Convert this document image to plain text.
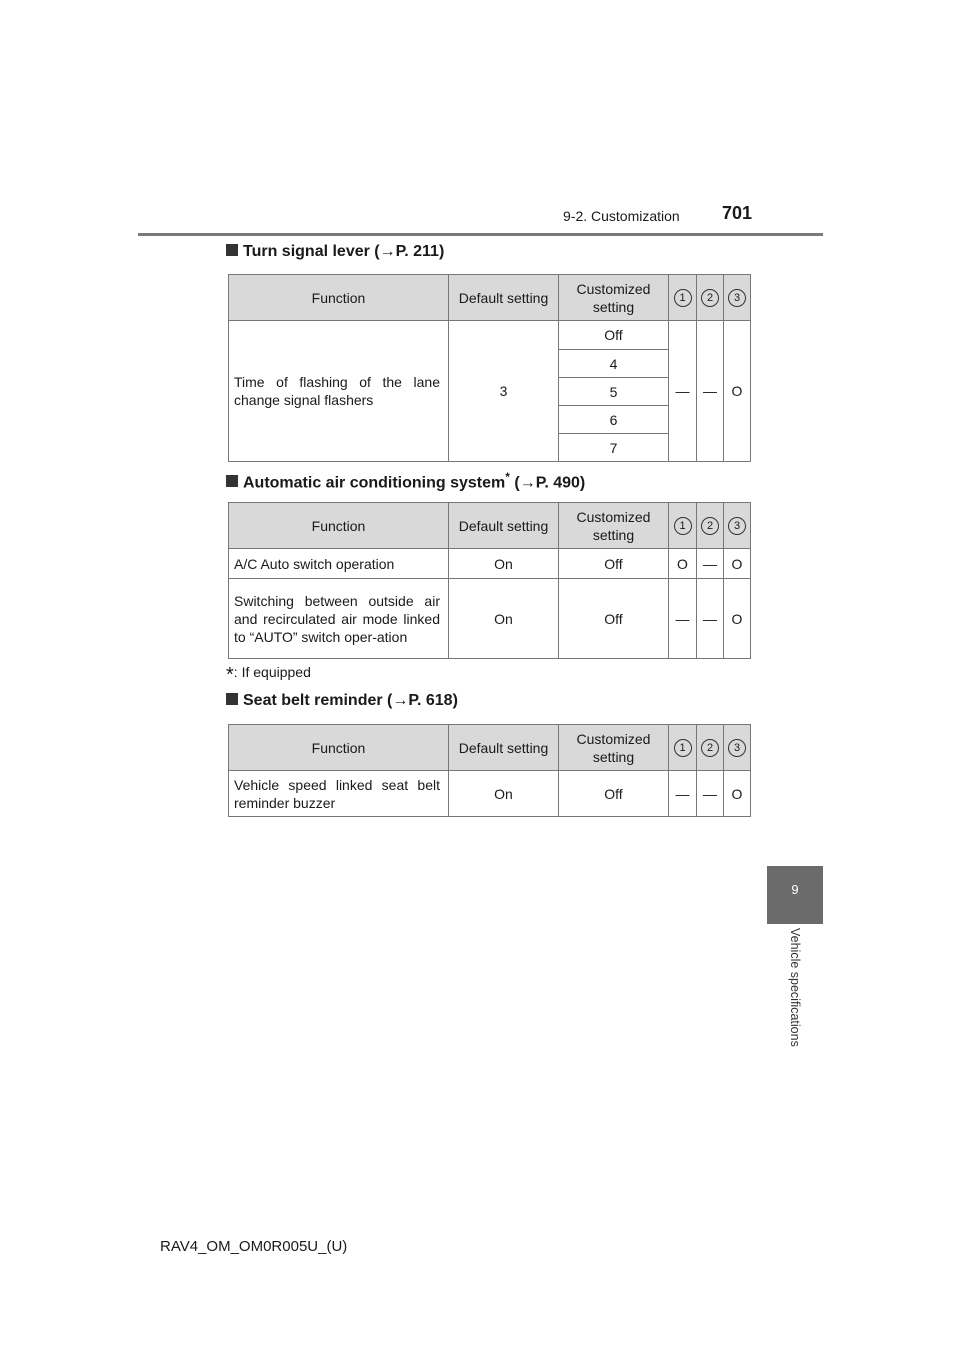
9-2. Customization 701
9
Vehicle specifications
Turn signal lever (→P. 211)
Function	Default setting	Customized setting	1	2	3
Time of flashing of the lane change signal flashers	3	Off	—	—	O
		4			
		5			
		6			
		7			
Automatic air conditioning system* (→P. 490)
Function	Default setting	Customized setting	1	2	3
A/C Auto switch operation	On	Off	O	—	O
Switching between outside air and recirculated air mode linked to “AUTO” switch oper-ation	On	Off	—	—	O
*: If equipped
Seat belt reminder (→P. 618)
Function	Default setting	Customized setting	1	2	3
Vehicle speed linked seat belt reminder buzzer	On	Off	—	—	O
RAV4_OM_OM0R005U_(U)
